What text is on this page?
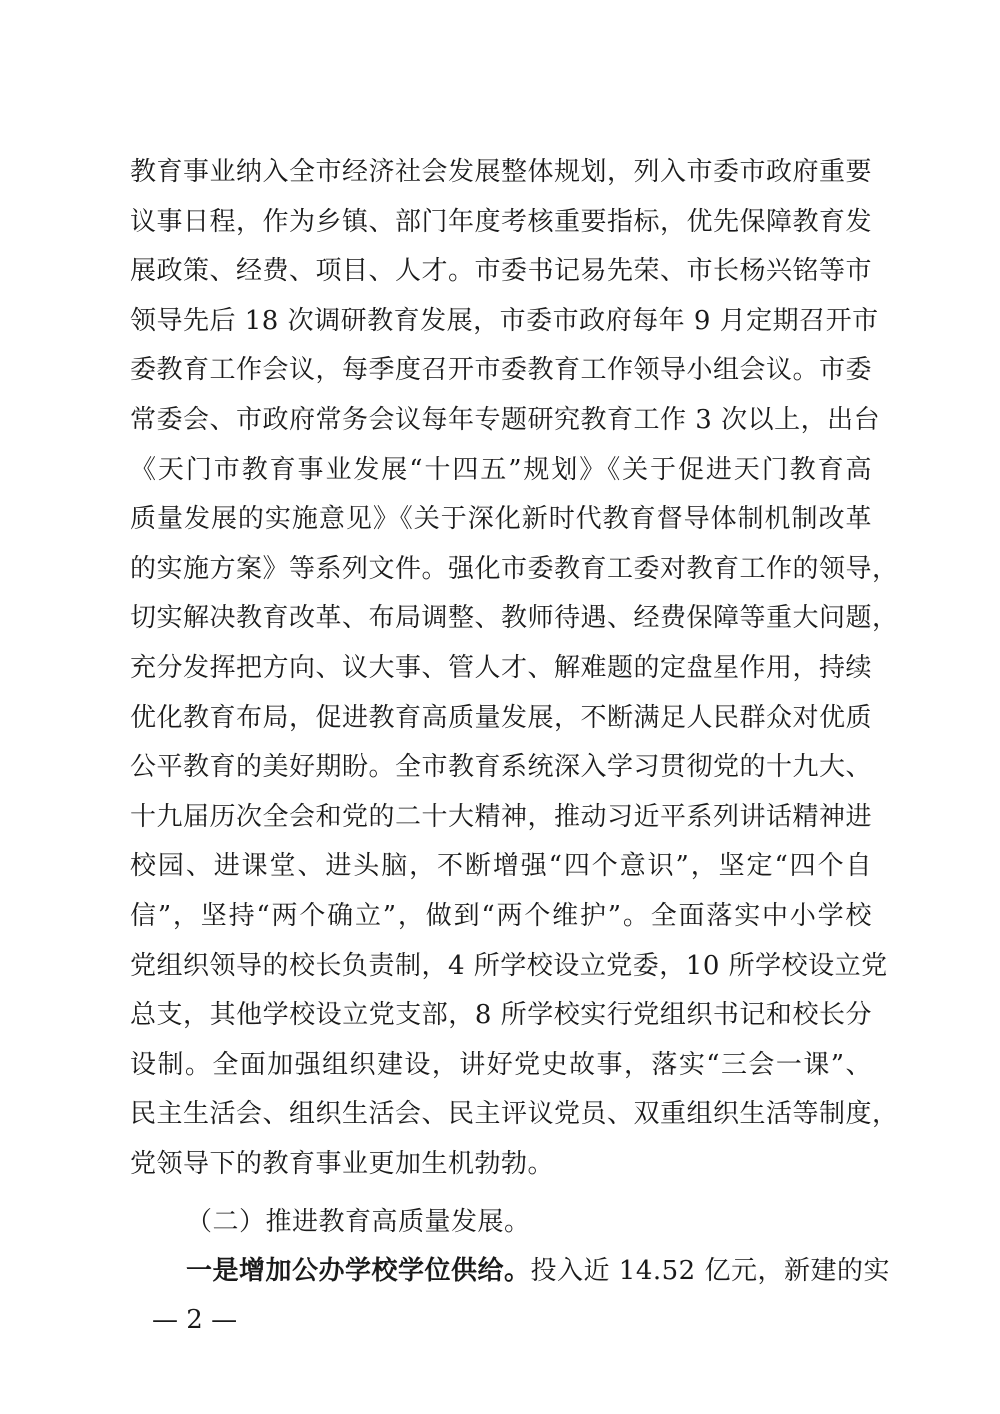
教育事业纳入全市经济社会发展整体规划，列入市委市政府重要
议事日程，作为乡镇、部门年度考核重要指标，优先保障教育发
展政策、经费、项目、人才。市委书记易先荣、市长杨兴铭等市
领导先后 18 次调研教育发展，市委市政府每年 9 月定期召开市
委教育工作会议，每季度召开市委教育工作领导小组会议。市委
常委会、市政府常务会议每年专题研究教育工作 3 次以上，出台
《天门市教育事业发展“十四五”规划》《关于促进天门教育高
质量发展的实施意见》《关于深化新时代教育督导体制机制改革
的实施方案》等系列文件。强化市委教育工委对教育工作的领导，
切实解决教育改革、布局调整、教师待遇、经费保障等重大问题，
充分发挥把方向、议大事、管人才、解难题的定盘星作用，持续
优化教育布局，促进教育高质量发展，不断满足人民群众对优质
公平教育的美好期盼。全市教育系统深入学习贯彻党的十九大、
十九届历次全会和党的二十大精神，推动习近平系列讲话精神进
校园、进课堂、进头脑，不断增强“四个意识”，坚定“四个自
信”，坚持“两个确立”，做到“两个维护”。全面落实中小学校
党组织领导的校长负责制，4 所学校设立党委，10 所学校设立党
总支，其他学校设立党支部，8 所学校实行党组织书记和校长分
设制。全面加强组织建设，讲好党史故事，落实“三会一课”、
民主生活会、组织生活会、民主评议党员、双重组织生活等制度，
党领导下的教育事业更加生机勃勃。
（二）推进教育高质量发展。
一是增加公办学校学位供给。投入近 14.52 亿元，新建的实
— 2 —
